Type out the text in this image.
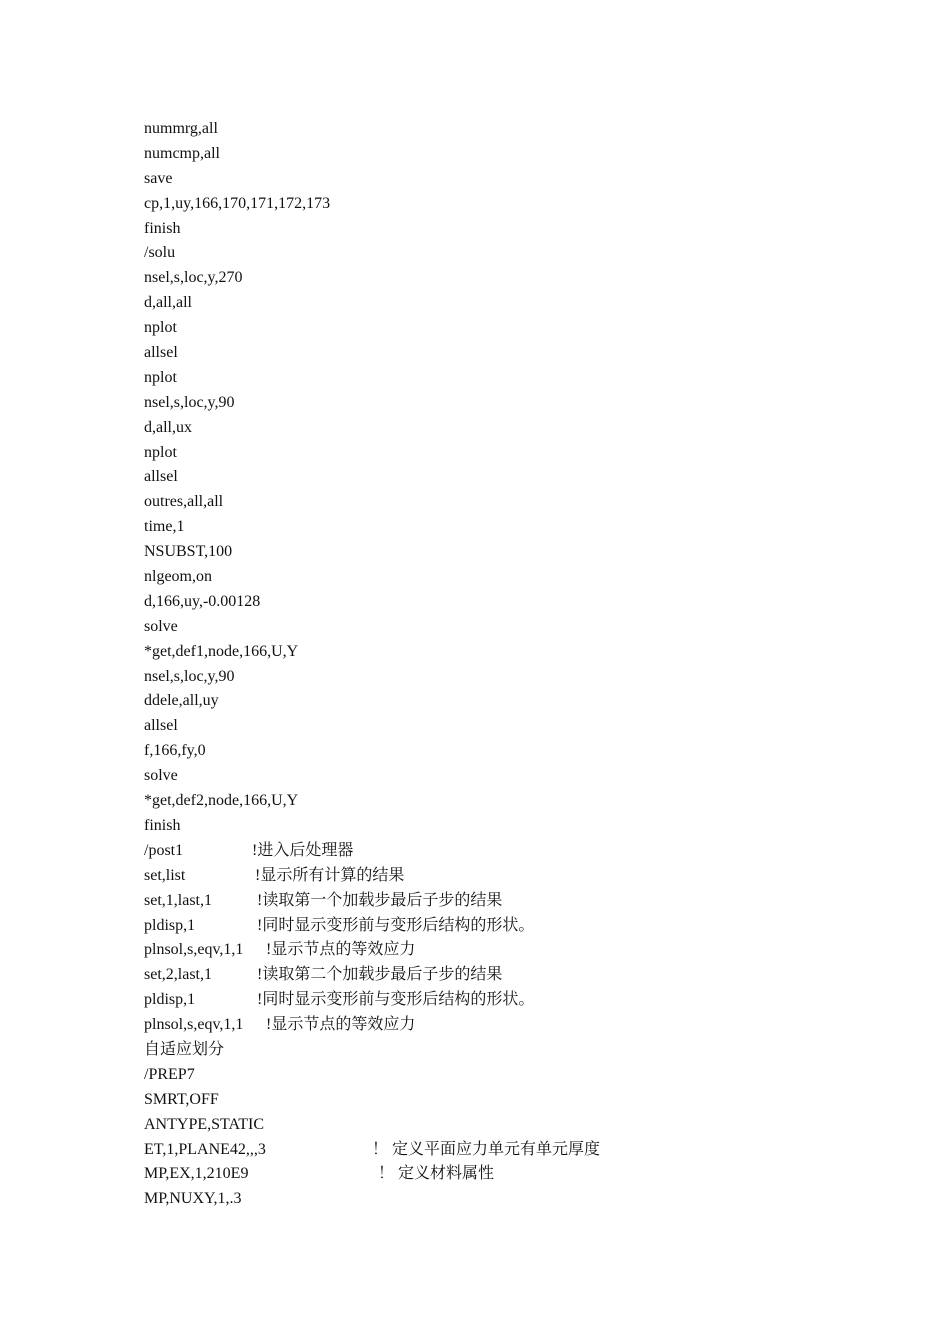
nummrg,all
numcmp,all
save
cp,1,uy,166,170,171,172,173
finish
/solu
nsel,s,loc,y,270
d,all,all
nplot
allsel
nplot
nsel,s,loc,y,90
d,all,ux
nplot
allsel
outres,all,all
time,1
NSUBST,100
nlgeom,on
d,166,uy,-0.00128
solve
*get,def1,node,166,U,Y
nsel,s,loc,y,90
ddele,all,uy
allsel
f,166,fy,0
solve
*get,def2,node,166,U,Y
finish
/post1	!进入后处理器
set,list	!显示所有计算的结果
set,1,last,1	!读取第一个加载步最后子步的结果
pldisp,1	!同时显示变形前与变形后结构的形状。
plnsol,s,eqv,1,1 !显示节点的等效应力
set,2,last,1	!读取第二个加载步最后子步的结果
pldisp,1	!同时显示变形前与变形后结构的形状。
plnsol,s,eqv,1,1 !显示节点的等效应力
自适应划分
/PREP7
SMRT,OFF
ANTYPE,STATIC
ET,1,PLANE42,,,3	！ 定义平面应力单元有单元厚度
MP,EX,1,210E9	！ 定义材料属性
MP,NUXY,1,.3
